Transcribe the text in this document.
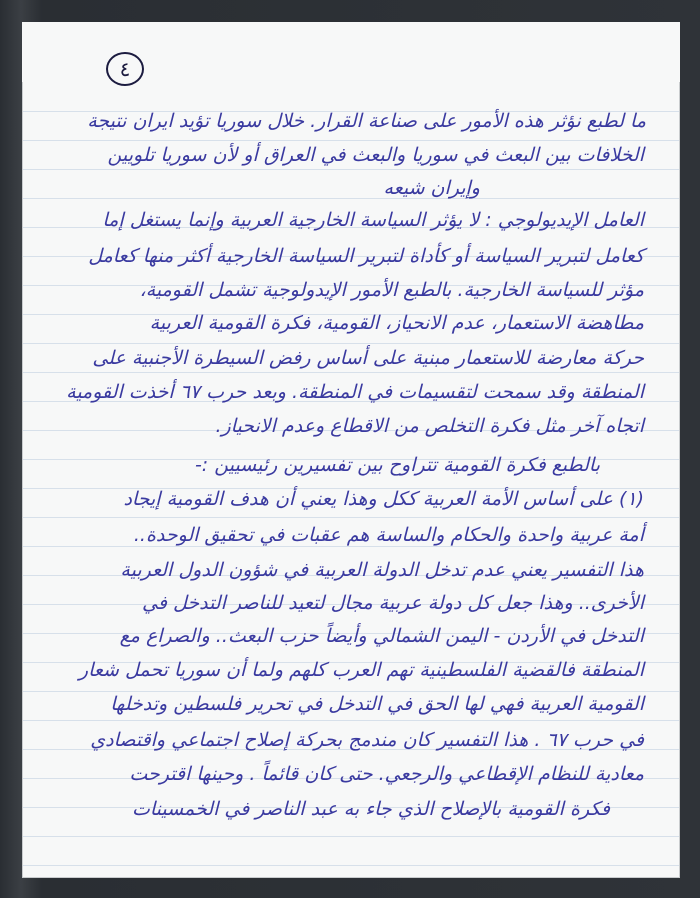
٤
ما لطبع نؤثر هذه الأمور على صناعة القرار. خلال سوريا تؤيد ايران نتيجة
الخلافات بين البعث في سوريا والبعث في العراق أو لأن سوريا تلويين
وإيران شيعه
العامل الإيديولوجي : لا يؤثر السياسة الخارجية العربية وإنما يستغل إما
كعامل لتبرير السياسة أو كأداة لتبرير السياسة الخارجية أكثر منها كعامل
مؤثر للسياسة الخارجية. بالطبع الأمور الإيدولوجية تشمل القومية،
مطاهضة الاستعمار، عدم الانحياز، القومية، فكرة القومية العربية
حركة معارضة للاستعمار مبنية على أساس رفض السيطرة الأجنبية على
المنطقة وقد سمحت لتقسيمات في المنطقة. وبعد حرب ٦٧ أخذت القومية
اتجاه آخر مثل فكرة التخلص من الاقطاع وعدم الانحياز.
بالطبع فكرة القومية تتراوح بين تفسيرين رئيسيين :-
(١) على أساس الأمة العربية ككل وهذا يعني أن هدف القومية إيجاد
أمة عربية واحدة والحكام والساسة هم عقبات في تحقيق الوحدة..
هذا التفسير يعني عدم تدخل الدولة العربية في شؤون الدول العربية
الأخرى.. وهذا جعل كل دولة عربية مجال لتعيد للناصر التدخل في
التدخل في الأردن - اليمن الشمالي وأيضاً حزب البعث.. والصراع مع
المنطقة فالقضية الفلسطينية تهم العرب كلهم ولما أن سوريا تحمل شعار
القومية العربية فهي لها الحق في التدخل في تحرير فلسطين وتدخلها
في حرب ٦٧ . هذا التفسير كان مندمج بحركة إصلاح اجتماعي واقتصادي
معادية للنظام الإقطاعي والرجعي. حتى كان قائماً . وحينها اقترحت
فكرة القومية بالإصلاح الذي جاء به عبد الناصر في الخمسينات
